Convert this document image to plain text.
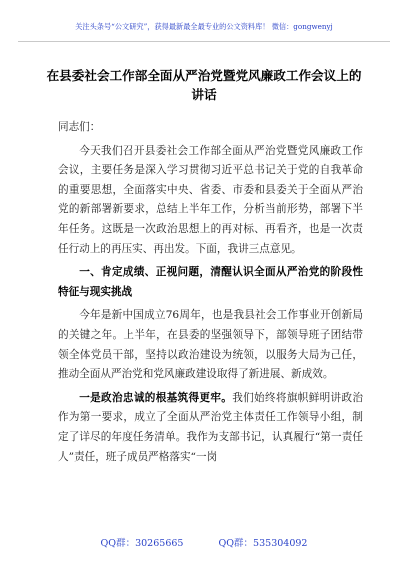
关注头条号“公文研究”，获得最新最全最专业的公文资料库！ 微信：gongwenyj
在县委社会工作部全面从严治党暨党风廉政工作会议上的
讲话

同志们：

今天我们召开县委社会工作部全面从严治党暨党风廉政工作会议，主要任务是深入学习贯彻习近平总书记关于党的自我革命的重要思想，全面落实中央、省委、市委和县委关于全面从严治党的新部署新要求，总结上半年工作，分析当前形势，部署下半年任务。这既是一次政治思想上的再对标、再看齐，也是一次责任行动上的再压实、再出发。下面，我讲三点意见。

一、肯定成绩、正视问题，清醒认识全面从严治党的阶段性特征与现实挑战

今年是新中国成立76周年，也是我县社会工作事业开创新局的关键之年。上半年，在县委的坚强领导下，部领导班子团结带领全体党员干部，坚持以政治建设为统领，以服务大局为己任，推动全面从严治党和党风廉政建设取得了新进展、新成效。

一是政治忠诚的根基筑得更牢。我们始终将旗帜鲜明讲政治作为第一要求，成立了全面从严治党主体责任工作领导小组，制定了详尽的年度任务清单。我作为支部书记，认真履行“第一责任人”责任，班子成员严格落实“一岗

QQ群：30265665	QQ群：535304092
